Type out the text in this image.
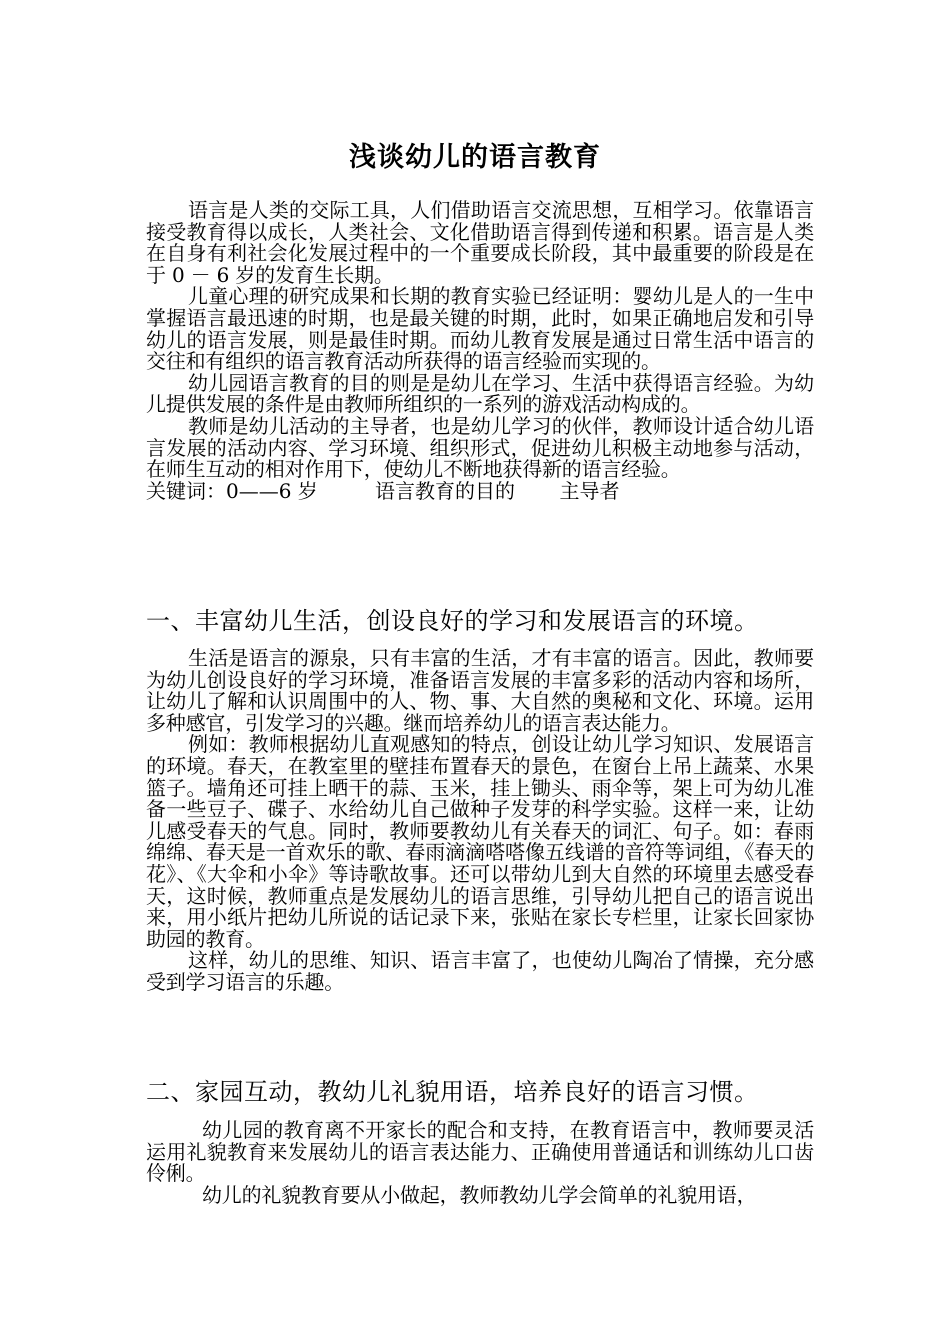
浅谈幼儿的语言教育

语言是人类的交际工具，人们借助语言交流思想，互相学习。依靠语言接受教育得以成长，人类社会、文化借助语言得到传递和积累。语言是人类在自身有利社会化发展过程中的一个重要成长阶段，其中最重要的阶段是在于 0 － 6 岁的发育生长期。

儿童心理的研究成果和长期的教育实验已经证明：婴幼儿是人的一生中掌握语言最迅速的时期，也是最关键的时期，此时，如果正确地启发和引导幼儿的语言发展，则是最佳时期。而幼儿教育发展是通过日常生活中语言的交往和有组织的语言教育活动所获得的语言经验而实现的。

幼儿园语言教育的目的则是是幼儿在学习、生活中获得语言经验。为幼儿提供发展的条件是由教师所组织的一系列的游戏活动构成的。

教师是幼儿活动的主导者，也是幼儿学习的伙伴，教师设计适合幼儿语言发展的活动内容、学习环境、组织形式，促进幼儿积极主动地参与活动，在师生互动的相对作用下，使幼儿不断地获得新的语言经验。

关键词：0——6 岁         语言教育的目的       主导者

一、丰富幼儿生活，创设良好的学习和发展语言的环境。

生活是语言的源泉，只有丰富的生活，才有丰富的语言。因此，教师要为幼儿创设良好的学习环境，准备语言发展的丰富多彩的活动内容和场所，让幼儿了解和认识周围中的人、物、事、大自然的奥秘和文化、环境。运用多种感官，引发学习的兴趣。继而培养幼儿的语言表达能力。

例如：教师根据幼儿直观感知的特点，创设让幼儿学习知识、发展语言的环境。春天，在教室里的壁挂布置春天的景色，在窗台上吊上蔬菜、水果篮子。墙角还可挂上晒干的蒜、玉米，挂上锄头、雨伞等，架上可为幼儿准备一些豆子、碟子、水给幼儿自己做种子发芽的科学实验。这样一来，让幼儿感受春天的气息。同时，教师要教幼儿有关春天的词汇、句子。如：春雨绵绵、春天是一首欢乐的歌、春雨滴滴嗒嗒像五线谱的音符等词组，《春天的花》、《大伞和小伞》等诗歌故事。还可以带幼儿到大自然的环境里去感受春天，这时候，教师重点是发展幼儿的语言思维，引导幼儿把自己的语言说出来，用小纸片把幼儿所说的话记录下来，张贴在家长专栏里，让家长回家协助园的教育。

这样，幼儿的思维、知识、语言丰富了，也使幼儿陶冶了情操，充分感受到学习语言的乐趣。

二、家园互动，教幼儿礼貌用语，培养良好的语言习惯。

幼儿园的教育离不开家长的配合和支持，在教育语言中，教师要灵活运用礼貌教育来发展幼儿的语言表达能力、正确使用普通话和训练幼儿口齿伶俐。

幼儿的礼貌教育要从小做起，教师教幼儿学会简单的礼貌用语，
